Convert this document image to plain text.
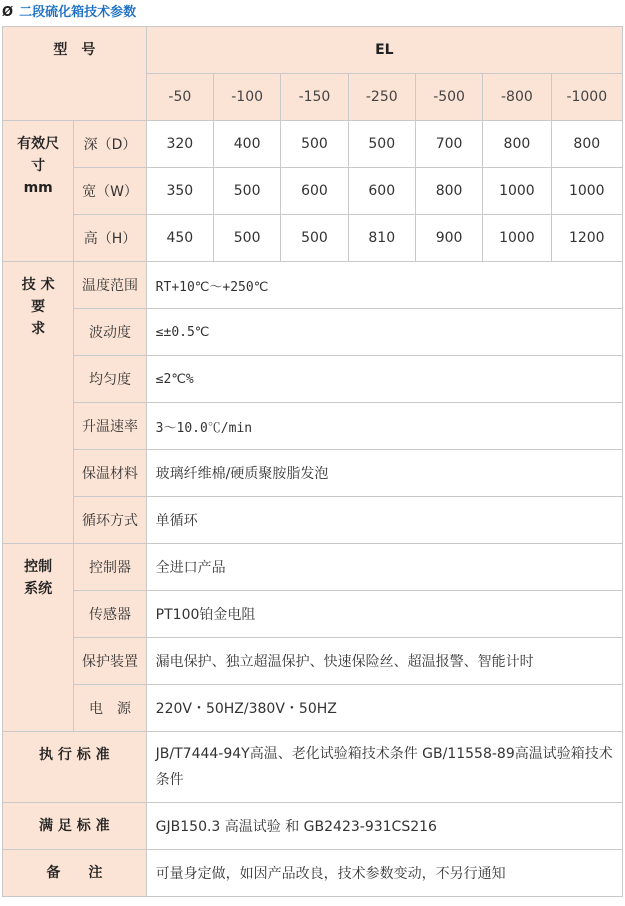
Ø 二段硫化箱技术参数
型　号		EL						
		-50	-100	-150	-250	-500	-800	-1000

有效尺
寸
mm	深（D）	320	400	500	500	700	800	800
	宽（W）	350	500	600	600	800	1000	1000
	高（H）	450	500	500	810	900	1000	1200

技 术
要
求	温度范围	RT+10℃～+250℃						
	波动度	≤±0.5℃						
	均匀度	≤2℃%						
	升温速率	3～10.0℃/min						
	保温材料	玻璃纤维棉/硬质聚胺脂发泡						
	循环方式	单循环						

控制
系统	控制器	全进口产品						
	传感器	PT100铂金电阻						
	保护装置	漏电保护、独立超温保护、快速保险丝、超温报警、智能计时						
	电　源	220V・50HZ/380V・50HZ						
执 行 标 准		JB/T7444-94Y高温、老化试验箱技术条件 GB/11558-89高温试验箱技术条件						
满 足 标 准		GJB150.3 高温试验 和 GB2423-931CS216						
备　　注		可量身定做，如因产品改良，技术参数变动，不另行通知						
